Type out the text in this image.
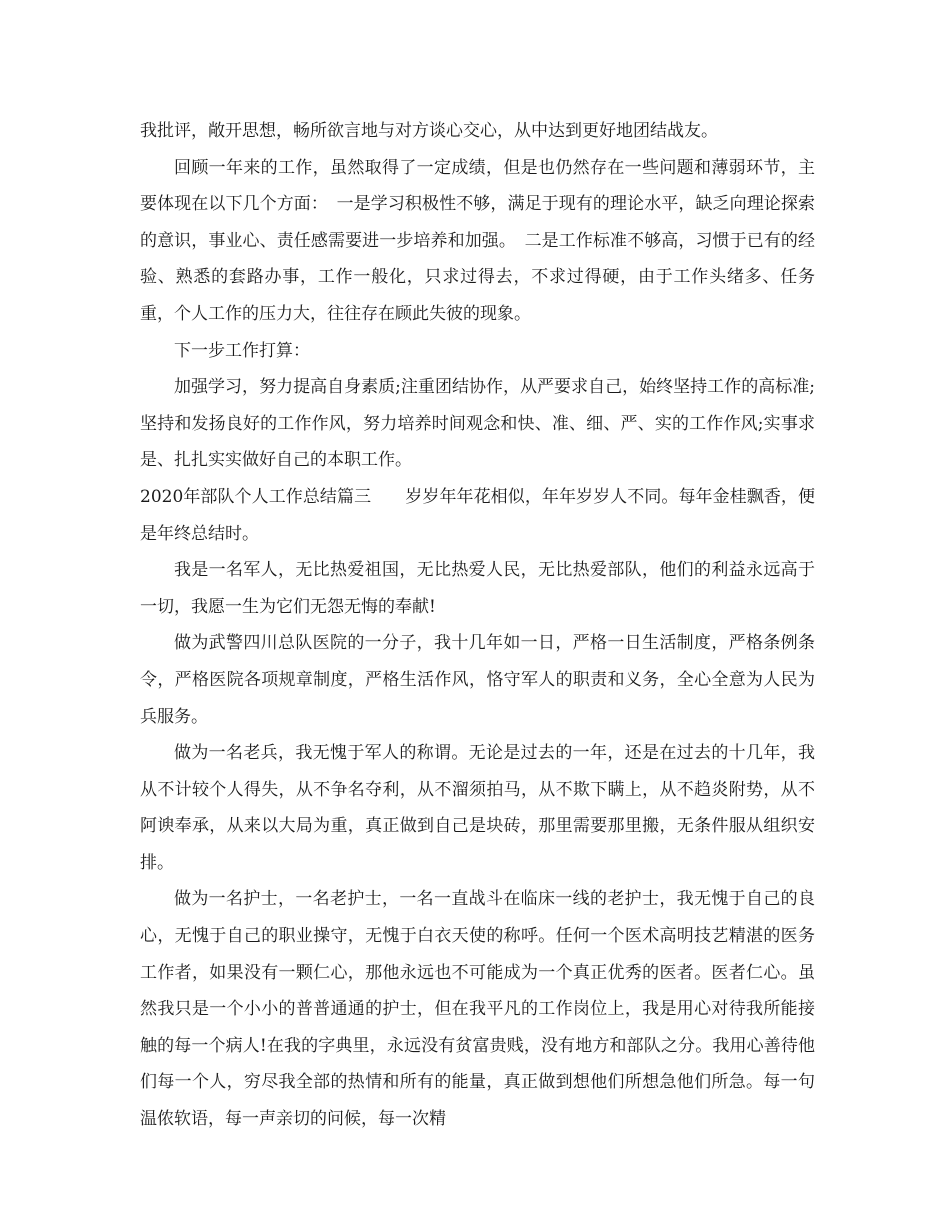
我批评，敞开思想，畅所欲言地与对方谈心交心，从中达到更好地团结战友。

回顾一年来的工作，虽然取得了一定成绩，但是也仍然存在一些问题和薄弱环节，主要体现在以下几个方面：　一是学习积极性不够，满足于现有的理论水平，缺乏向理论探索的意识，事业心、责任感需要进一步培养和加强。　二是工作标准不够高，习惯于已有的经验、熟悉的套路办事，工作一般化，只求过得去，不求过得硬，由于工作头绪多、任务重，个人工作的压力大，往往存在顾此失彼的现象。

下一步工作打算：

加强学习，努力提高自身素质;注重团结协作，从严要求自己，始终坚持工作的高标准;坚持和发扬良好的工作作风，努力培养时间观念和快、准、细、严、实的工作作风;实事求是、扎扎实实做好自己的本职工作。

2020年部队个人工作总结篇三　　岁岁年年花相似，年年岁岁人不同。每年金桂飘香，便是年终总结时。

我是一名军人，无比热爱祖国，无比热爱人民，无比热爱部队，他们的利益永远高于一切，我愿一生为它们无怨无悔的奉献!

做为武警四川总队医院的一分子，我十几年如一日，严格一日生活制度，严格条例条令，严格医院各项规章制度，严格生活作风，恪守军人的职责和义务，全心全意为人民为兵服务。

做为一名老兵，我无愧于军人的称谓。无论是过去的一年，还是在过去的十几年，我从不计较个人得失，从不争名夺利，从不溜须拍马，从不欺下瞒上，从不趋炎附势，从不阿谀奉承，从来以大局为重，真正做到自己是块砖，那里需要那里搬，无条件服从组织安排。

做为一名护士，一名老护士，一名一直战斗在临床一线的老护士，我无愧于自己的良心，无愧于自己的职业操守，无愧于白衣天使的称呼。任何一个医术高明技艺精湛的医务工作者，如果没有一颗仁心，那他永远也不可能成为一个真正优秀的医者。医者仁心。虽然我只是一个小小的普普通通的护士，但在我平凡的工作岗位上，我是用心对待我所能接触的每一个病人!在我的字典里，永远没有贫富贵贱，没有地方和部队之分。我用心善待他们每一个人，穷尽我全部的热情和所有的能量，真正做到想他们所想急他们所急。每一句温侬软语，每一声亲切的问候，每一次精
